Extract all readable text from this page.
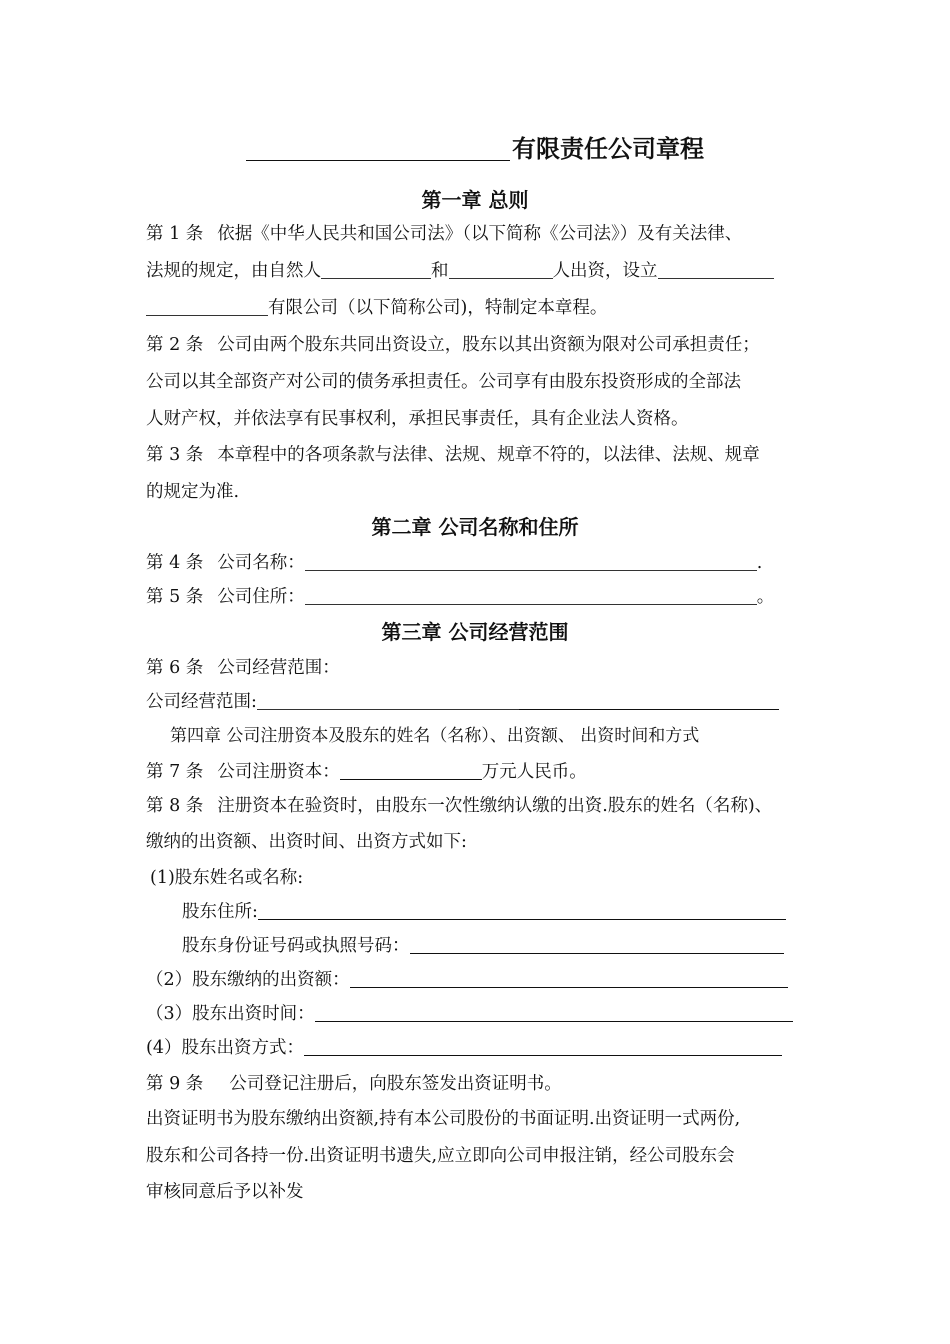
有限责任公司章程
第一章 总则
第 1 条 依据《中华人民共和国公司法》（以下简称《公司法》）及有关法律、
法规的规定，由自然人	和	人出资，设立
有限公司（以下简称公司)，特制定本章程。
第 2 条 公司由两个股东共同出资设立，股东以其出资额为限对公司承担责任；
公司以其全部资产对公司的债务承担责任。公司享有由股东投资形成的全部法
人财产权，并依法享有民事权利，承担民事责任，具有企业法人资格。
第 3 条 本章程中的各项条款与法律、法规、规章不符的，以法律、法规、规章
的规定为准.
第二章 公司名称和住所
第 4 条 公司名称：	.
第 5 条 公司住所：	。
第三章 公司经营范围
第 6 条 公司经营范围：
公司经营范围:
第四章 公司注册资本及股东的姓名（名称）、出资额、 出资时间和方式
第 7 条 公司注册资本：	万元人民币。
第 8 条 注册资本在验资时，由股东一次性缴纳认缴的出资.股东的姓名（名称)、
缴纳的出资额、出资时间、出资方式如下:
(1)股东姓名或名称:
股东住所:
股东身份证号码或执照号码：
（2）股东缴纳的出资额：
（3）股东出资时间：
(4）股东出资方式：
第 9 条 公司登记注册后，向股东签发出资证明书。
出资证明书为股东缴纳出资额,持有本公司股份的书面证明.出资证明一式两份,
股东和公司各持一份.出资证明书遗失,应立即向公司申报注销，经公司股东会
审核同意后予以补发
